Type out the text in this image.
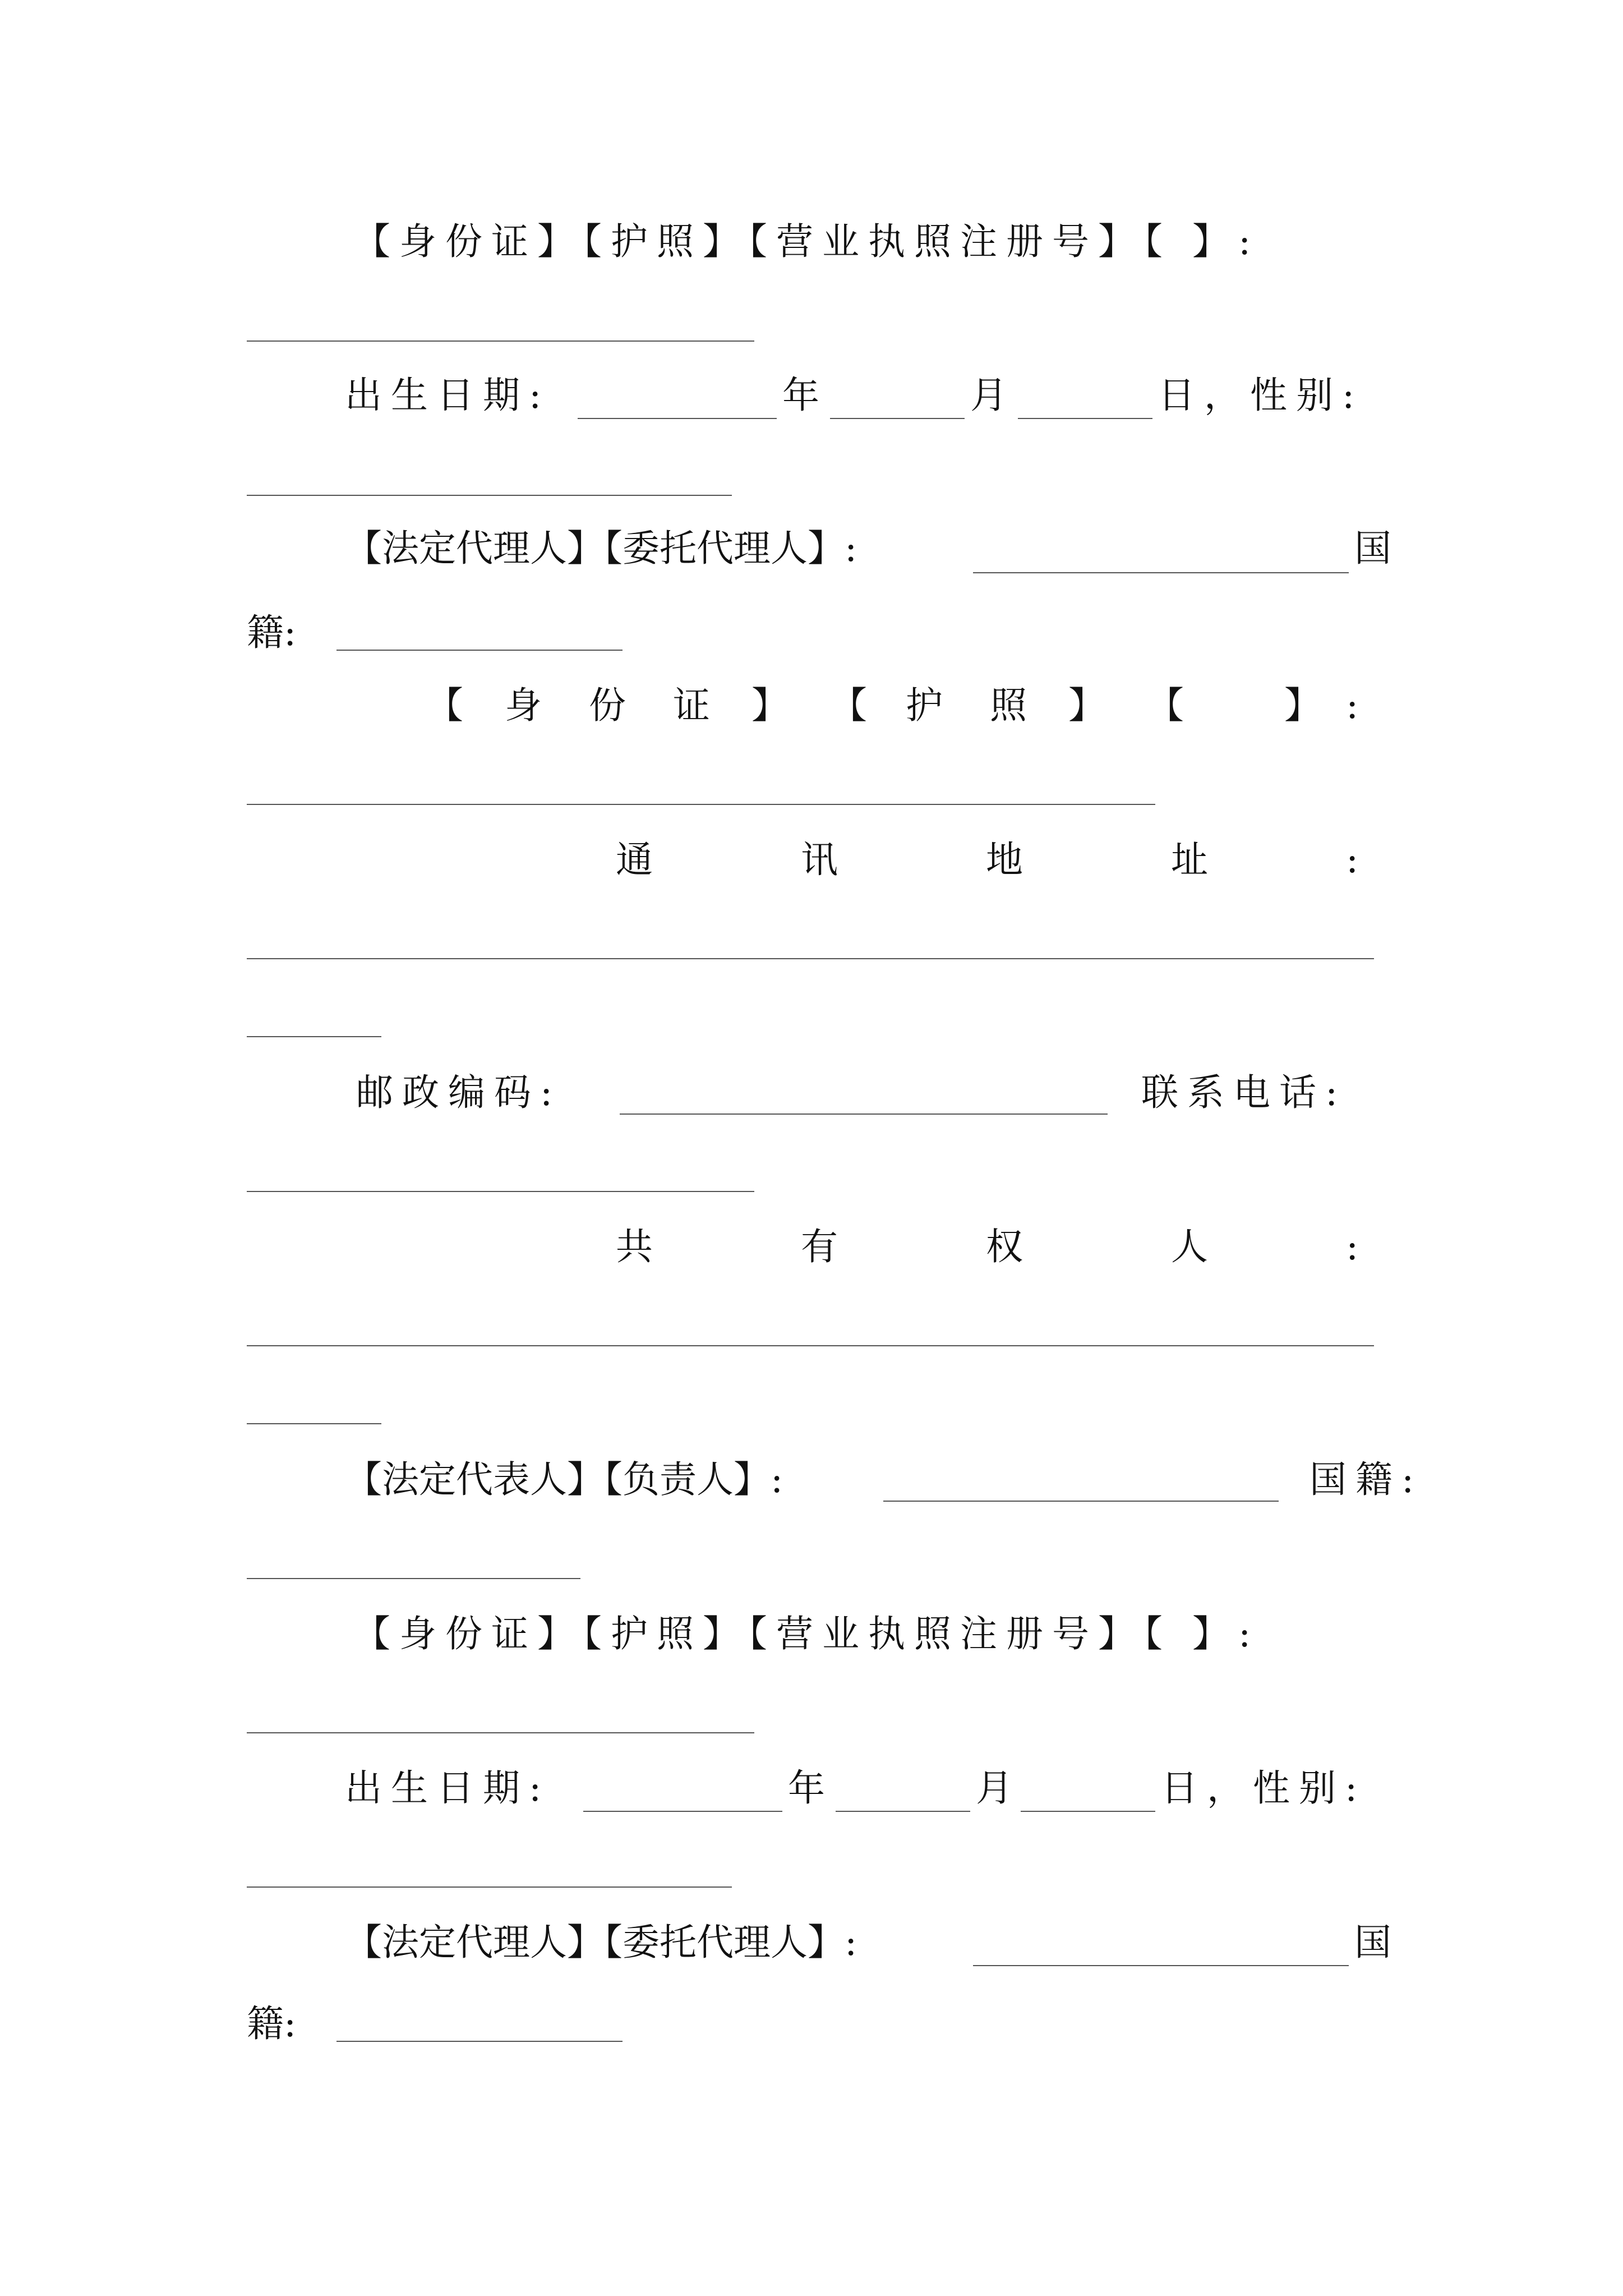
【身份证】【护照】【营业执照注册号】【 】:
出生日期:	年	月	日，性别:
【法定代理人】【委托代理人】:	国
籍:
【 身 份 证 】 【 护 照 】 【	】 :
通	讯	地	址	:
邮政编码:	联系电话:
共	有	权	人	:
【法定代表人】【负责人】:	国籍:
【身份证】【护照】【营业执照注册号】【 】:
出生日期:	年	月	日，性别:
【法定代理人】【委托代理人】:	国
籍:
